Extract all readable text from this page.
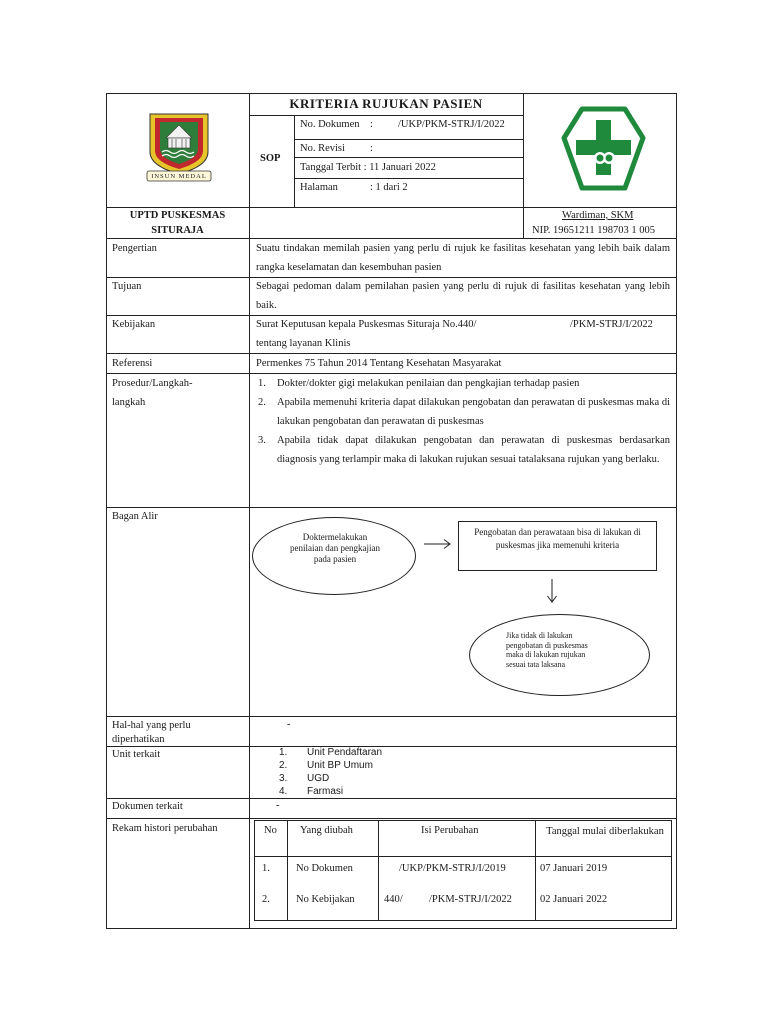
INSUN MEDAL
KRITERIA RUJUKAN PASIEN
SOP
No. Dokumen : /UKP/PKM-STRJ/I/2022
No. Revisi :
Tanggal Terbit : 11 Januari 2022
Halaman	: 1 dari 2
UPTD PUSKESMAS
SITURAJA
Wardiman, SKM
NIP. 19651211 198703 1 005
Pengertian	Suatu tindakan memilah pasien yang perlu di rujuk ke fasilitas kesehatan yang lebih baik dalam rangka keselamatan dan kesembuhan pasien
Tujuan	Sebagai pedoman dalam pemilahan pasien yang perlu di rujuk di fasilitas kesehatan yang lebih baik.
Kebijakan	Surat Keputusan kepala Puskesmas Situraja No.440/	/PKM-STRJ/I/2022
tentang layanan Klinis
Referensi	Permenkes 75 Tahun 2014 Tentang Kesehatan Masyarakat
Prosedur/Langkah-
langkah
1. Dokter/dokter gigi melakukan penilaian dan pengkajian terhadap pasien
2. Apabila memenuhi kriteria dapat dilakukan pengobatan dan perawatan di puskesmas maka di lakukan pengobatan dan perawatan di puskesmas
3. Apabila tidak dapat dilakukan pengobatan dan perawatan di puskesmas berdasarkan diagnosis yang terlampir maka di lakukan rujukan sesuai tatalaksana rujukan yang berlaku.
Bagan Alir
Doktermelakukan penilaian dan pengkajian pada pasien
Pengobatan dan perawataan bisa di lakukan di puskesmas jika memenuhi kriteria
Jika tidak di lakukan pengobatan di puskesmas maka di lakukan rujukan sesuai tata laksana
Hal-hal yang perlu
diperhatikan
-
Unit terkait	1. Unit Pendaftaran
2. Unit BP Umum
3. UGD
4. Farmasi
Dokumen terkait	-
Rekam histori perubahan	No Yang diubah	Isi Perubahan	Tanggal mulai diberlakukan
1. No Dokumen	/UKP/PKM-STRJ/I/2019	07 Januari 2019
2. No Kebijakan	440/	/PKM-STRJ/I/2022	02 Januari 2022
